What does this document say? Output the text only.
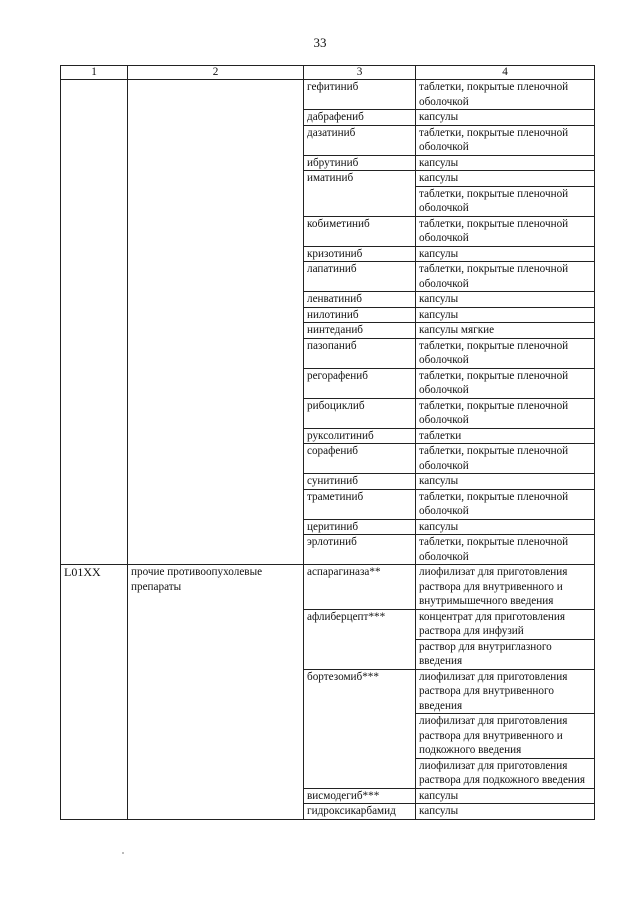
33
1	2	3	4
		гефитиниб	таблетки, покрытые пленочной оболочкой
		дабрафениб	капсулы
		дазатиниб	таблетки, покрытые пленочной оболочкой
		ибрутиниб	капсулы
		иматиниб	капсулы
			таблетки, покрытые пленочной оболочкой
		кобиметиниб	таблетки, покрытые пленочной оболочкой
		кризотиниб	капсулы
		лапатиниб	таблетки, покрытые пленочной оболочкой
		ленватиниб	капсулы
		нилотиниб	капсулы
		нинтеданиб	капсулы мягкие
		пазопаниб	таблетки, покрытые пленочной оболочкой
		регорафениб	таблетки, покрытые пленочной оболочкой
		рибоциклиб	таблетки, покрытые пленочной оболочкой
		руксолитиниб	таблетки
		сорафениб	таблетки, покрытые пленочной оболочкой
		сунитиниб	капсулы
		траметиниб	таблетки, покрытые пленочной оболочкой
		церитиниб	капсулы
		эрлотиниб	таблетки, покрытые пленочной оболочкой
L01XX	прочие противоопухолевые препараты	аспарагиназа**	лиофилизат для приготовления раствора для внутривенного и внутримышечного введения
		афлиберцепт***	концентрат для приготовления раствора для инфузий
			раствор для внутриглазного введения
		бортезомиб***	лиофилизат для приготовления раствора для внутривенного введения
			лиофилизат для приготовления раствора для внутривенного и подкожного введения
			лиофилизат для приготовления раствора для подкожного введения
		висмодегиб***	капсулы
		гидроксикарбамид	капсулы
